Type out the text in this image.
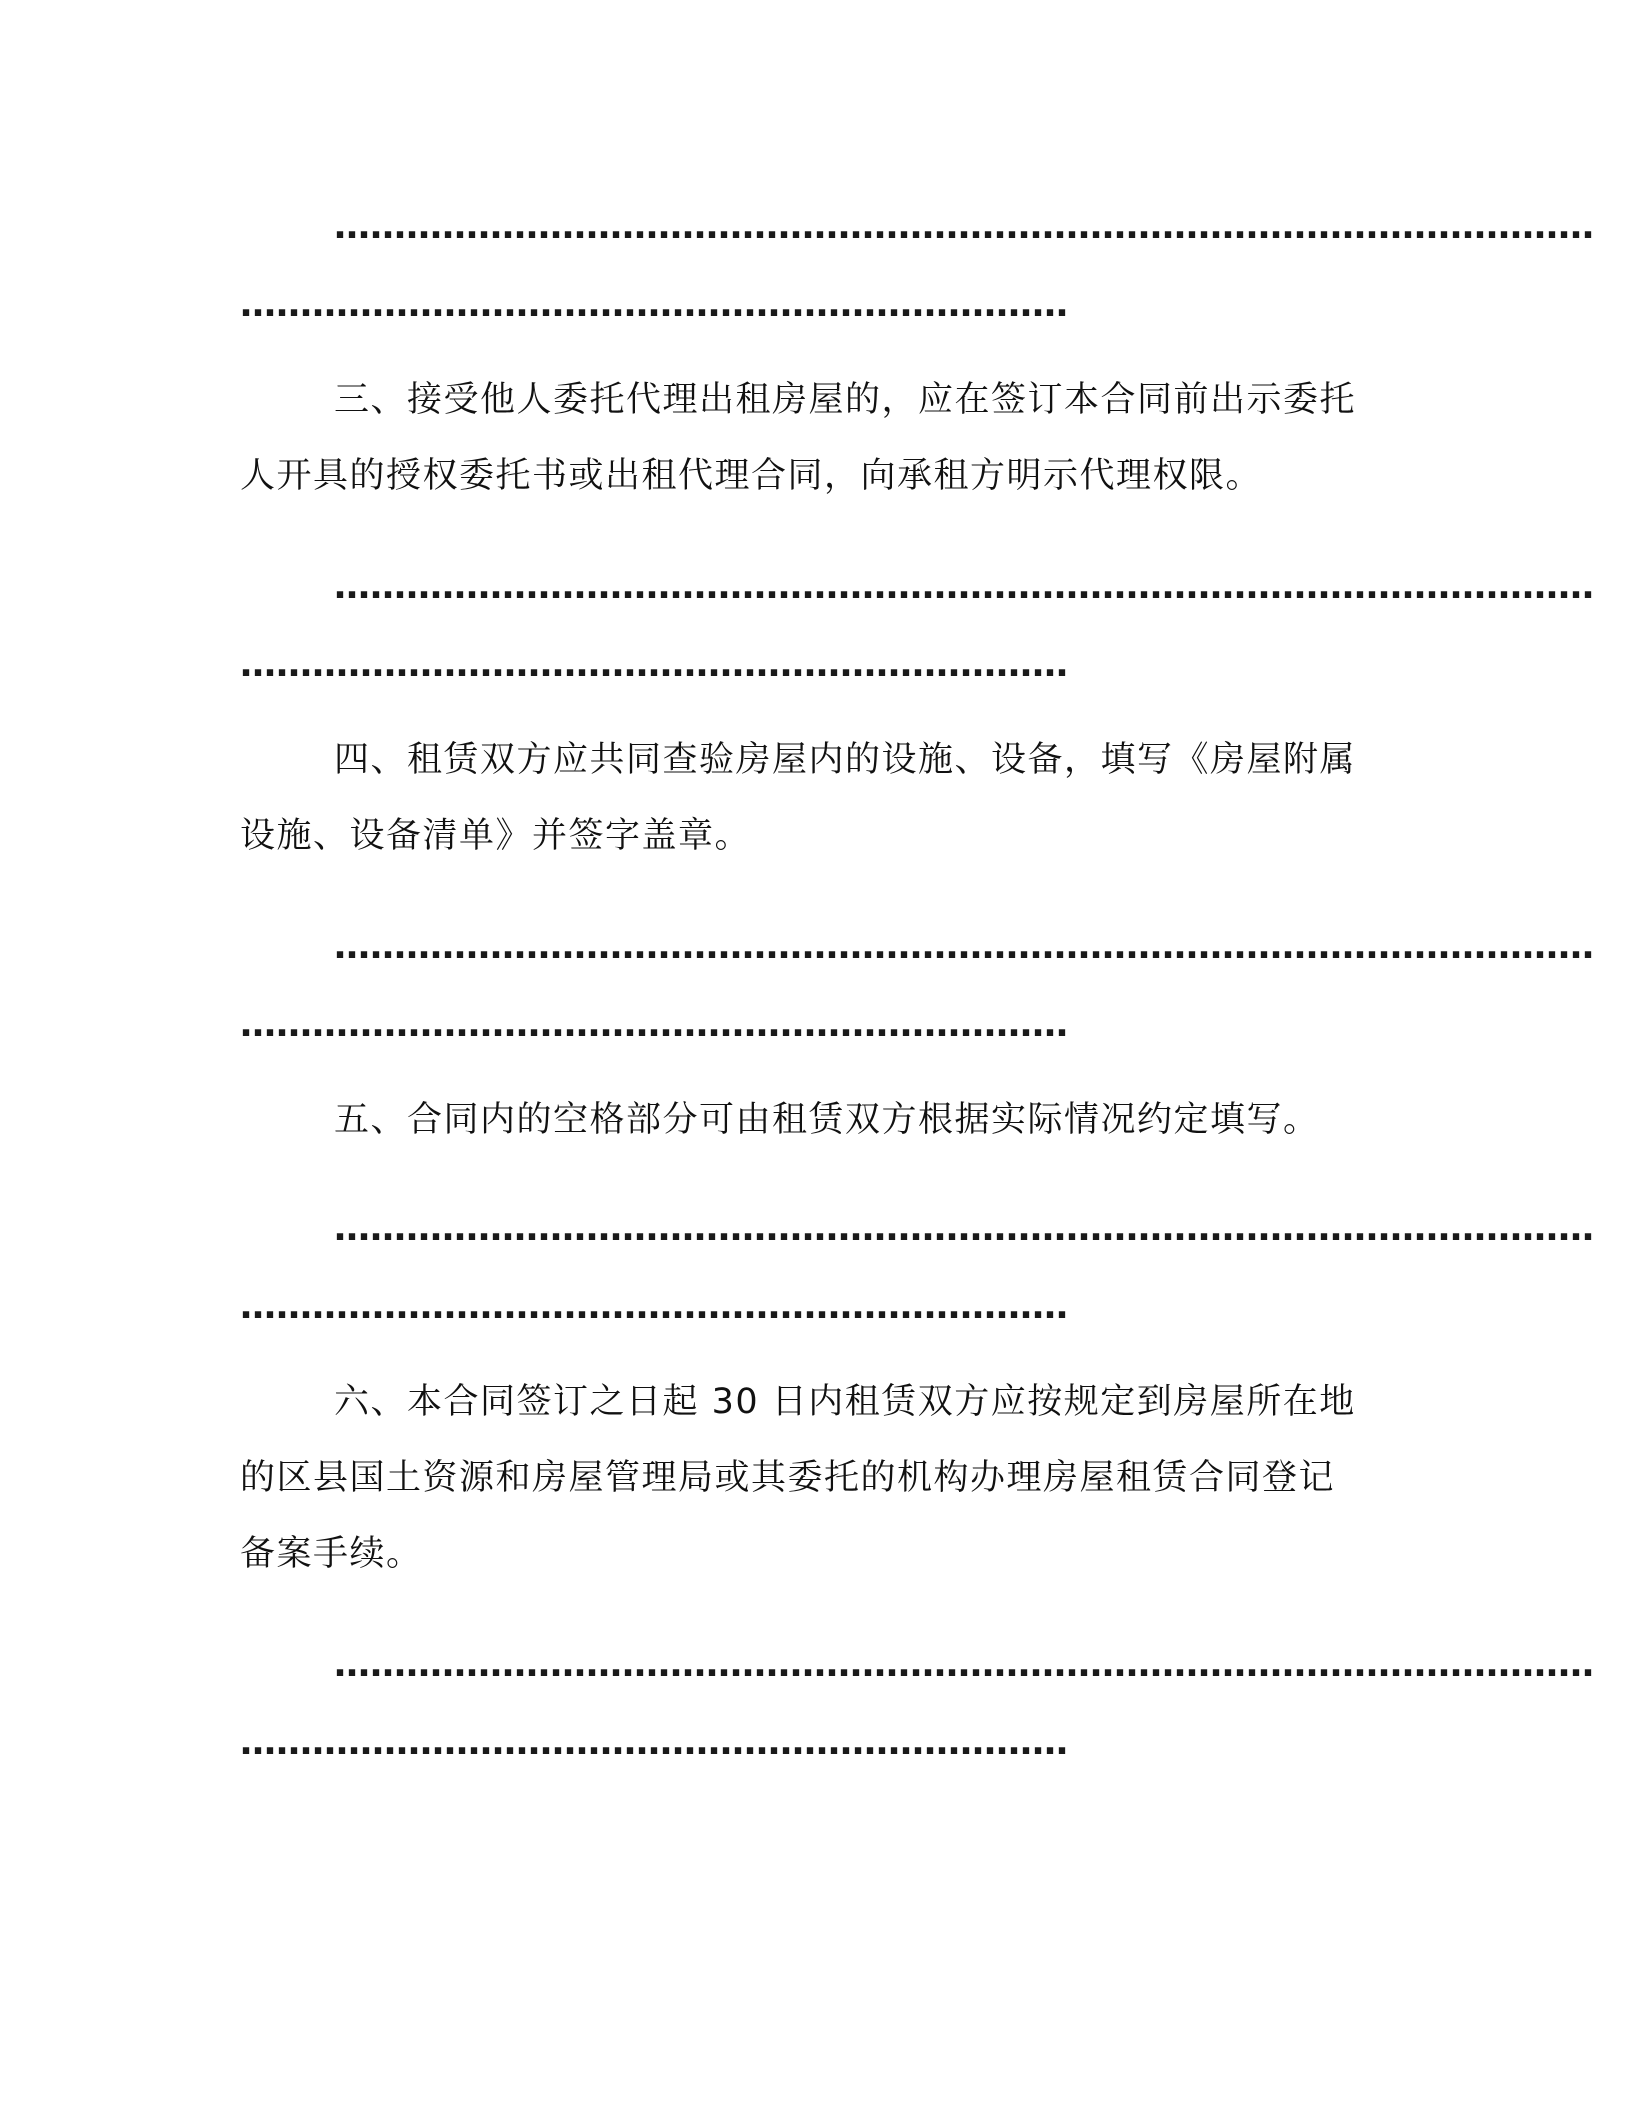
……………………………………………………………………………………………
……………………………………………………………
三、接受他人委托代理出租房屋的，应在签订本合同前出示委托
人开具的授权委托书或出租代理合同，向承租方明示代理权限。
……………………………………………………………………………………………
……………………………………………………………
四、租赁双方应共同查验房屋内的设施、设备，填写《房屋附属
设施、设备清单》并签字盖章。
……………………………………………………………………………………………
……………………………………………………………
五、合同内的空格部分可由租赁双方根据实际情况约定填写。
……………………………………………………………………………………………
……………………………………………………………
六、本合同签订之日起 30 日内租赁双方应按规定到房屋所在地
的区县国土资源和房屋管理局或其委托的机构办理房屋租赁合同登记
备案手续。
……………………………………………………………………………………………
……………………………………………………………
